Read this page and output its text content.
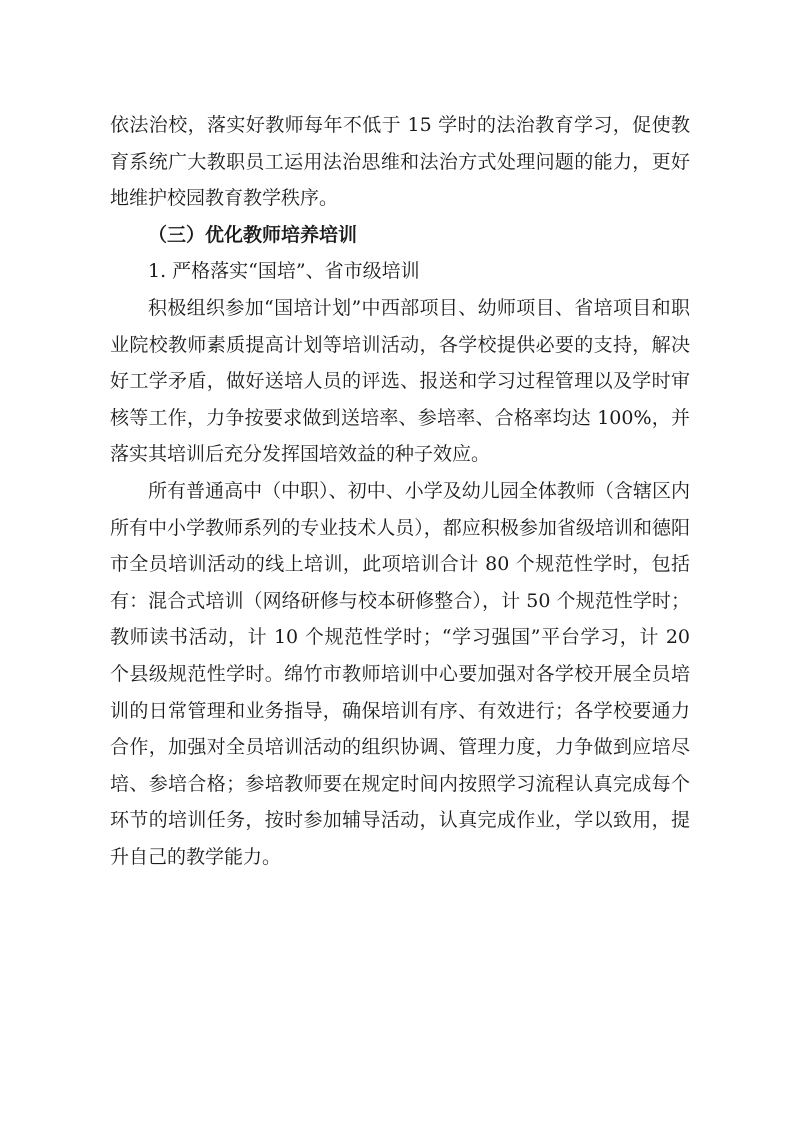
依法治校，落实好教师每年不低于 15 学时的法治教育学习，促使教育系统广大教职员工运用法治思维和法治方式处理问题的能力，更好地维护校园教育教学秩序。

（三）优化教师培养培训

1. 严格落实“国培”、省市级培训

积极组织参加“国培计划”中西部项目、幼师项目、省培项目和职业院校教师素质提高计划等培训活动，各学校提供必要的支持，解决好工学矛盾，做好送培人员的评选、报送和学习过程管理以及学时审核等工作，力争按要求做到送培率、参培率、合格率均达 100%，并落实其培训后充分发挥国培效益的种子效应。

所有普通高中（中职）、初中、小学及幼儿园全体教师（含辖区内所有中小学教师系列的专业技术人员），都应积极参加省级培训和德阳市全员培训活动的线上培训，此项培训合计 80 个规范性学时，包括有：混合式培训（网络研修与校本研修整合），计 50 个规范性学时；教师读书活动，计 10 个规范性学时；“学习强国”平台学习，计 20 个县级规范性学时。绵竹市教师培训中心要加强对各学校开展全员培训的日常管理和业务指导，确保培训有序、有效进行；各学校要通力合作，加强对全员培训活动的组织协调、管理力度，力争做到应培尽培、参培合格；参培教师要在规定时间内按照学习流程认真完成每个环节的培训任务，按时参加辅导活动，认真完成作业，学以致用，提升自己的教学能力。
